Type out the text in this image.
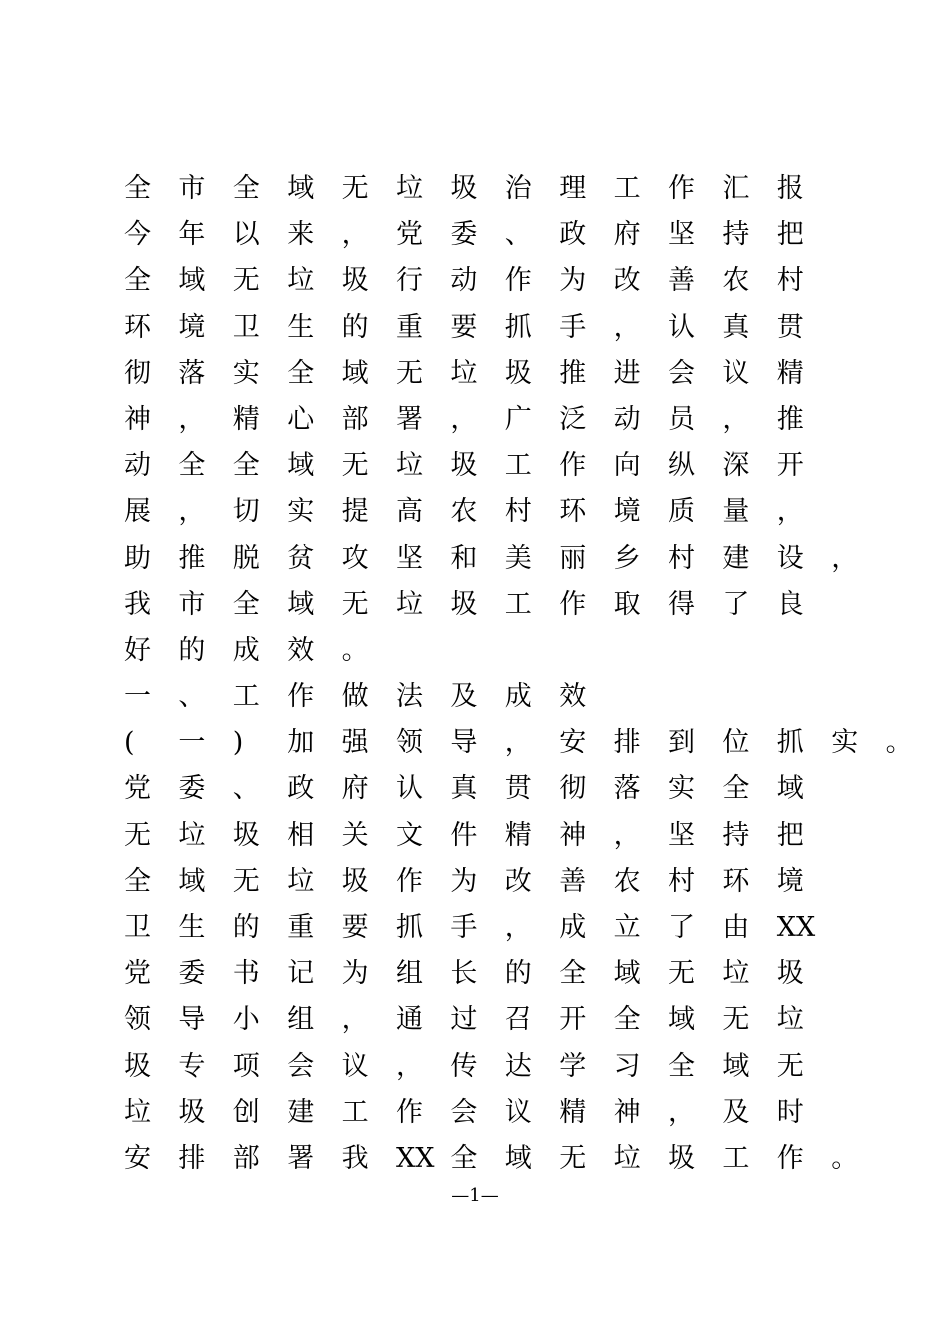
全	市	全	域	无	垃	圾	治	理	工	作	汇	报
今	年	以	来	，	党	委	、	政	府	坚	持	把
全	域	无	垃	圾	行	动	作	为	改	善	农	村
环	境	卫	生	的	重	要	抓	手	，	认	真	贯
彻	落	实	全	域	无	垃	圾	推	进	会	议	精
神	，	精	心	部	署	，	广	泛	动	员	，	推
动	全	全	域	无	垃	圾	工	作	向	纵	深	开
展	，	切	实	提	高	农	村	环	境	质	量	，
助	推	脱	贫	攻	坚	和	美	丽	乡	村	建	设	，
我	市	全	域	无	垃	圾	工	作	取	得	了	良
好	的	成	效	。
一	、	工	作	做	法	及	成	效
(	一	)	加	强	领	导	，	安	排	到	位	抓	实	。
党	委	、	政	府	认	真	贯	彻	落	实	全	域
无	垃	圾	相	关	文	件	精	神	，	坚	持	把
全	域	无	垃	圾	作	为	改	善	农	村	环	境
卫	生	的	重	要	抓	手	，	成	立	了	由	XX
党	委	书	记	为	组	长	的	全	域	无	垃	圾
领	导	小	组	，	通	过	召	开	全	域	无	垃
圾	专	项	会	议	，	传	达	学	习	全	域	无
垃	圾	创	建	工	作	会	议	精	神	，	及	时
安	排	部	署	我	XX 全	域	无	垃	圾	工	作	。
—1—
